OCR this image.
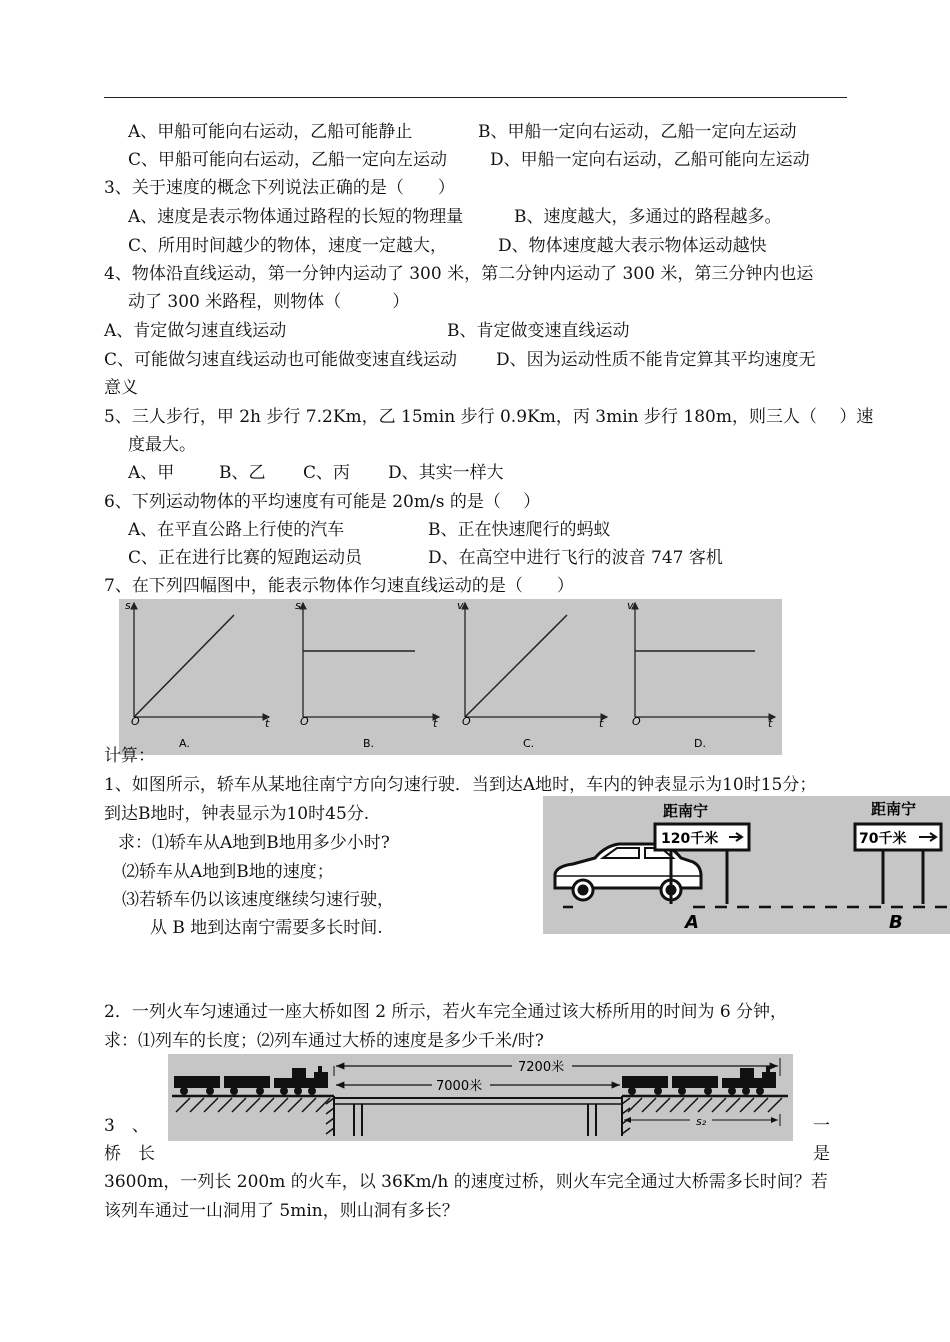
A、甲船可能向右运动，乙船可能静止	B、甲船一定向右运动，乙船一定向左运动
C、甲船可能向右运动，乙船一定向左运动	D、甲船一定向右运动，乙船可能向左运动
3、关于速度的概念下列说法正确的是（　　）
A、速度是表示物体通过路程的长短的物理量	B、速度越大，多通过的路程越多。
C、所用时间越少的物体，速度一定越大，	D、物体速度越大表示物体运动越快
4、物体沿直线运动，第一分钟内运动了 300 米，第二分钟内运动了 300 米，第三分钟内也运
动了 300 米路程，则物体（　　　）
A、肯定做匀速直线运动	B、肯定做变速直线运动
C、可能做匀速直线运动也可能做变速直线运动 D、因为运动性质不能肯定算其平均速度无
意义
5、三人步行，甲 2h 步行 7.2Km，乙 15min 步行 0.9Km，丙 3min 步行 180m，则三人（　 ）速
度最大。
A、甲	B、乙 C、丙 D、其实一样大
6、下列运动物体的平均速度有可能是 20m/s 的是（　 ）
A、在平直公路上行使的汽车	B、正在快速爬行的蚂蚁
C、正在进行比赛的短跑运动员	D、在高空中进行飞行的波音 747 客机
7、在下列四幅图中，能表示物体作匀速直线运动的是（　　）
s
t
O
A.
s
t
O
B.
v
t
O
C.
v
t
O
D.
计算：
1、如图所示，轿车从某地往南宁方向匀速行驶．当到达A地时，车内的钟表显示为10时15分；
到达B地时，钟表显示为10时45分.
求：⑴轿车从A地到B地用多少小时?
⑵轿车从A地到B地的速度；
⑶若轿车仍以该速度继续匀速行驶，
从 B 地到达南宁需要多长时间.
距南宁
120千米
A
距南宁
70千米
B
2．一列火车匀速通过一座大桥如图 2 所示，若火车完全通过该大桥所用的时间为 6 分钟，
求：⑴列车的长度；⑵列车通过大桥的速度是多少千米/时?
7200米
7000米
s₂
3　、	一
桥　长	是
3600m，一列长 200m 的火车，以 36Km/h 的速度过桥，则火车完全通过大桥需多长时间？若
该列车通过一山洞用了 5min，则山洞有多长？
